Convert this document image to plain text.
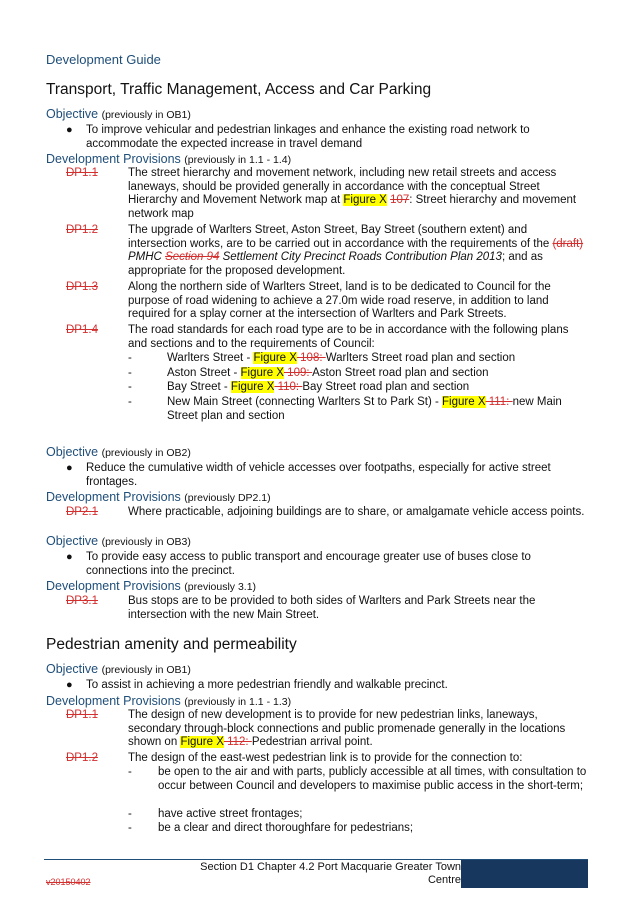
Development Guide
Transport, Traffic Management, Access and Car Parking
Objective (previously in OB1)
● To improve vehicular and pedestrian linkages and enhance the existing road network to accommodate the expected increase in travel demand
Development Provisions (previously in 1.1 - 1.4)
DP1.1	The street hierarchy and movement network, including new retail streets and access laneways, should be provided generally in accordance with the conceptual Street Hierarchy and Movement Network map at Figure X 107: Street hierarchy and movement network map
DP1.2	The upgrade of Warlters Street, Aston Street, Bay Street (southern extent) and intersection works, are to be carried out in accordance with the requirements of the (draft) PMHC Section 94 Settlement City Precinct Roads Contribution Plan 2013; and as appropriate for the proposed development.
DP1.3	Along the northern side of Warlters Street, land is to be dedicated to Council for the purpose of road widening to achieve a 27.0m wide road reserve, in addition to land required for a splay corner at the intersection of Warlters and Park Streets.
DP1.4	The road standards for each road type are to be in accordance with the following plans and sections and to the requirements of Council:
-	Warlters Street - Figure X 108: Warlters Street road plan and section
-	Aston Street - Figure X 109: Aston Street road plan and section
-	Bay Street - Figure X 110: Bay Street road plan and section
-	New Main Street (connecting Warlters St to Park St) - Figure X 111: new Main Street plan and section
Objective (previously in OB2)
● Reduce the cumulative width of vehicle accesses over footpaths, especially for active street frontages.
Development Provisions (previously DP2.1)
DP2.1	Where practicable, adjoining buildings are to share, or amalgamate vehicle access points.
Objective (previously in OB3)
● To provide easy access to public transport and encourage greater use of buses close to connections into the precinct.
Development Provisions (previously 3.1)
DP3.1	Bus stops are to be provided to both sides of Warlters and Park Streets near the intersection with the new Main Street.
Pedestrian amenity and permeability
Objective (previously in OB1)
● To assist in achieving a more pedestrian friendly and walkable precinct.
Development Provisions (previously in 1.1 - 1.3)
DP1.1	The design of new development is to provide for new pedestrian links, laneways, secondary through-block connections and public promenade generally in the locations shown on Figure X 112: Pedestrian arrival point.
DP1.2	The design of the east-west pedestrian link is to provide for the connection to:
- be open to the air and with parts, publicly accessible at all times, with consultation to occur between Council and developers to maximise public access in the short-term;
- have active street frontages;
- be a clear and direct thoroughfare for pedestrians;
Section D1 Chapter 4.2 Port Macquarie Greater Town
Centre
v20150402
